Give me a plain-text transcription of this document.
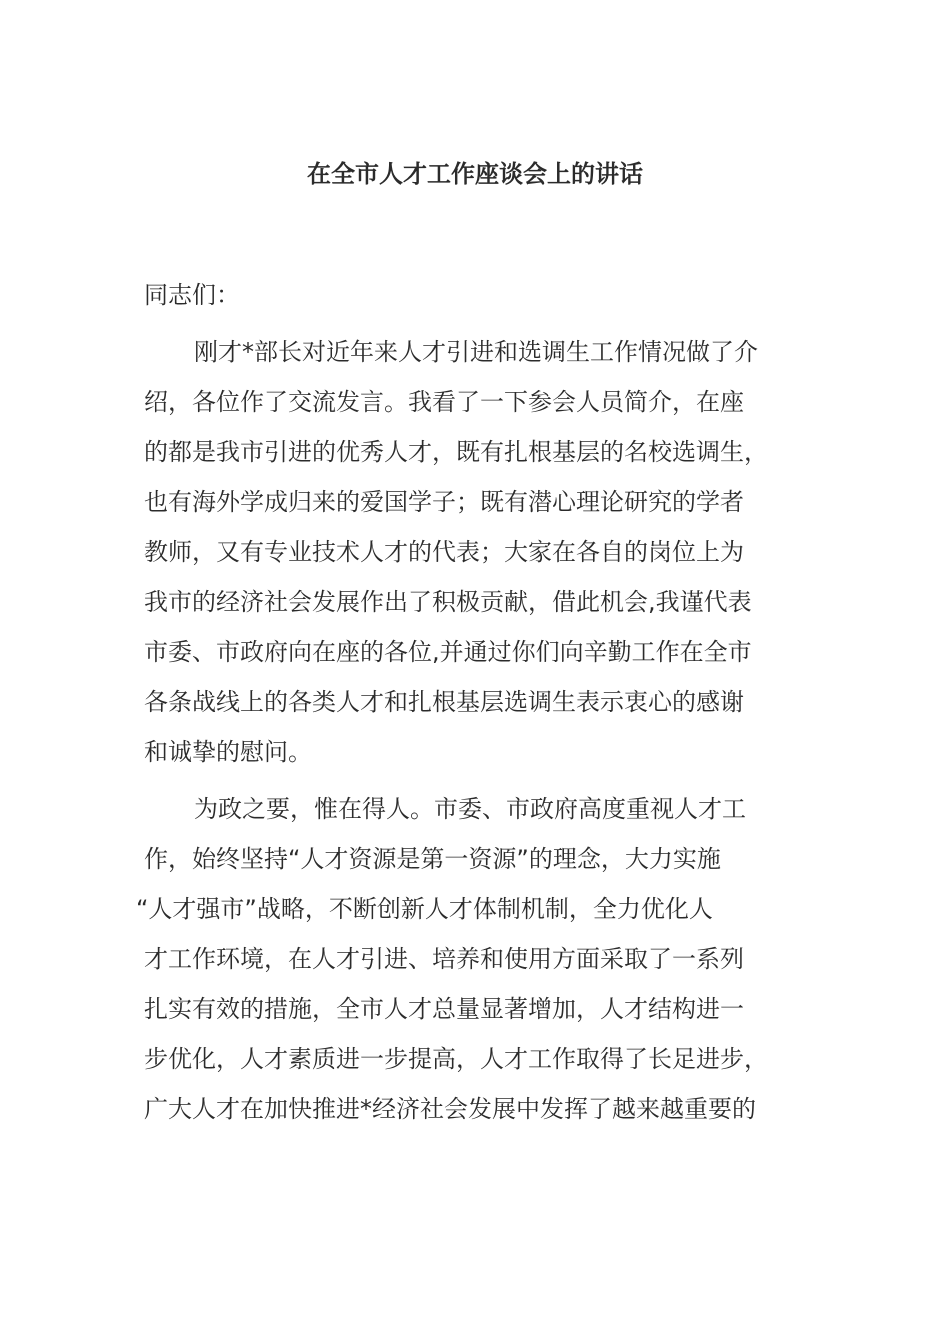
在全市人才工作座谈会上的讲话

同志们：

刚才*部长对近年来人才引进和选调生工作情况做了介
绍，各位作了交流发言。我看了一下参会人员简介，在座
的都是我市引进的优秀人才，既有扎根基层的名校选调生，
也有海外学成归来的爱国学子；既有潜心理论研究的学者
教师，又有专业技术人才的代表；大家在各自的岗位上为
我市的经济社会发展作出了积极贡献，借此机会,我谨代表
市委、市政府向在座的各位,并通过你们向辛勤工作在全市
各条战线上的各类人才和扎根基层选调生表示衷心的感谢
和诚挚的慰问。

为政之要，惟在得人。市委、市政府高度重视人才工
作，始终坚持“人才资源是第一资源”的理念，大力实施
“人才强市”战略，不断创新人才体制机制，全力优化人
才工作环境，在人才引进、培养和使用方面采取了一系列
扎实有效的措施，全市人才总量显著增加，人才结构进一
步优化，人才素质进一步提高，人才工作取得了长足进步，
广大人才在加快推进*经济社会发展中发挥了越来越重要的
